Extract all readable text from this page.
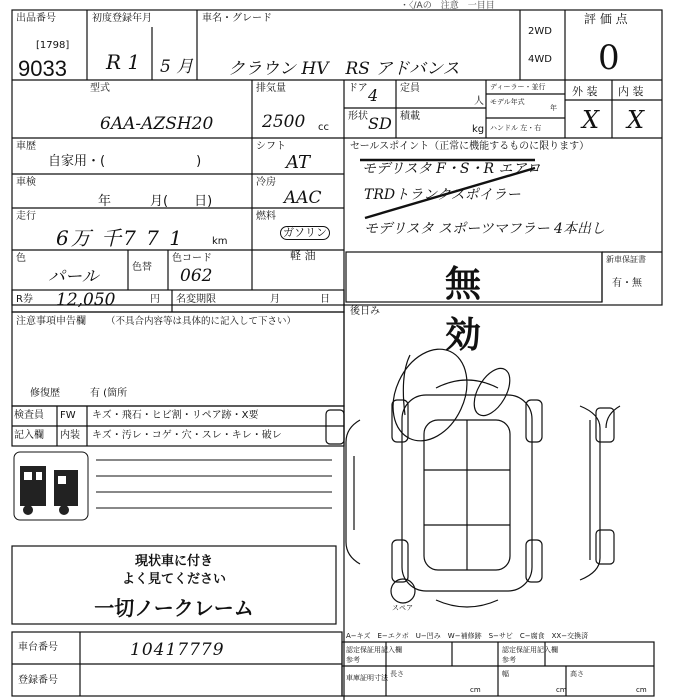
・〈/Aの　注意　一目目
出品番号
[1798]
9033
初度登録年月
R 1 5 月
車名・グレード
クラウン HV　RS アドバンス
2WD
4WD
評 価 点
0
外 装 内 装
X X
型式
6AA-AZSH20
排気量
2500 cc
ドア 4
形状 SD
定員
人
積載
kg
ディーラー・並行
モデル年式
年
ハンドル 左・右
車歴
自家用・(　　　　　　　)
車検
年　　　月(　　日)
走行
6万 千7 7 1	km
色
パール	色替
色コード
062
シフト
AT
冷房
AAC
燃料
ガソリン
軽 油
セールスポイント（正常に機能するものに限ります）
モデリスタ F・S・R エアロ
TRDトランクスポイラー
モデリスタ スポーツマフラー 4本出し
無　効
新車保証書
有・無
後日み
R券 12,050	円 名変期限	月	日
注意事項申告欄 （不具合内容等は具体的に記入して下さい）
修復歴	有 (箇所
検査員
記入欄
FW キズ・飛石・ヒビ割・リペア跡・X要
内装 キズ・汚レ・コゲ・穴・スレ・キレ・破レ
現状車に付き
よく見てください
一切ノークレーム
車台番号	10417779
登録番号
A−キズ　E−エクボ　U−凹み　W−補修跡　S−サビ　C−腐食　XX−交換済
スペア
認定保証用記入欄
参考
認定保証用記入欄
参考
車庫証明寸法 長さ
cm
幅
cm
高さ
cm
